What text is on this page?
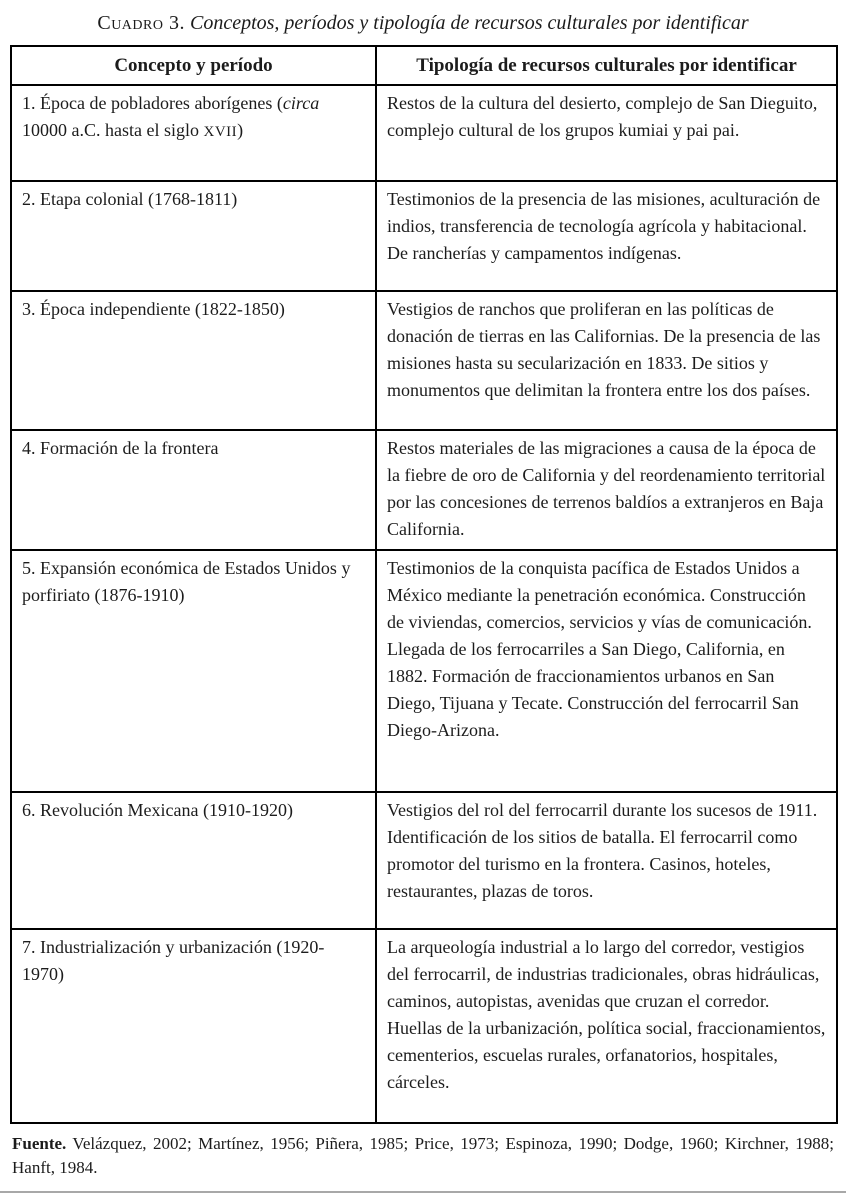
Cuadro 3. Conceptos, períodos y tipología de recursos culturales por identificar
Concepto y período	Tipología de recursos culturales por identificar
1. Época de pobladores aborígenes (circa 10000 a.C. hasta el siglo XVII)	Restos de la cultura del desierto, complejo de San Dieguito, complejo cultural de los grupos kumiai y pai pai.
2. Etapa colonial (1768-1811)	Testimonios de la presencia de las misiones, aculturación de indios, transferencia de tecnología agrícola y habitacional. De rancherías y campamentos indígenas.
3. Época independiente (1822-1850)	Vestigios de ranchos que proliferan en las políticas de donación de tierras en las Californias. De la presencia de las misiones hasta su secularización en 1833. De sitios y monumentos que delimitan la frontera entre los dos países.
4. Formación de la frontera	Restos materiales de las migraciones a causa de la época de la fiebre de oro de California y del reordenamiento territorial por las concesiones de terrenos baldíos a extranjeros en Baja California.
5. Expansión económica de Estados Unidos y porfiriato (1876-1910)	Testimonios de la conquista pacífica de Estados Unidos a México mediante la penetración económica. Construcción de viviendas, comercios, servicios y vías de comunicación. Llegada de los ferrocarriles a San Diego, California, en 1882. Formación de fraccionamientos urbanos en San Diego, Tijuana y Tecate. Construcción del ferrocarril San Diego-Arizona.
6. Revolución Mexicana (1910-1920)	Vestigios del rol del ferrocarril durante los sucesos de 1911. Identificación de los sitios de batalla. El ferrocarril como promotor del turismo en la frontera. Casinos, hoteles, restaurantes, plazas de toros.
7. Industrialización y urbanización (1920-1970)	La arqueología industrial a lo largo del corredor, vestigios del ferrocarril, de industrias tradicionales, obras hidráulicas, caminos, autopistas, avenidas que cruzan el corredor. Huellas de la urbanización, política social, fraccionamientos, cementerios, escuelas rurales, orfanatorios, hospitales, cárceles.
Fuente. Velázquez, 2002; Martínez, 1956; Piñera, 1985; Price, 1973; Espinoza, 1990; Dodge, 1960; Kirchner, 1988; Hanft, 1984.
